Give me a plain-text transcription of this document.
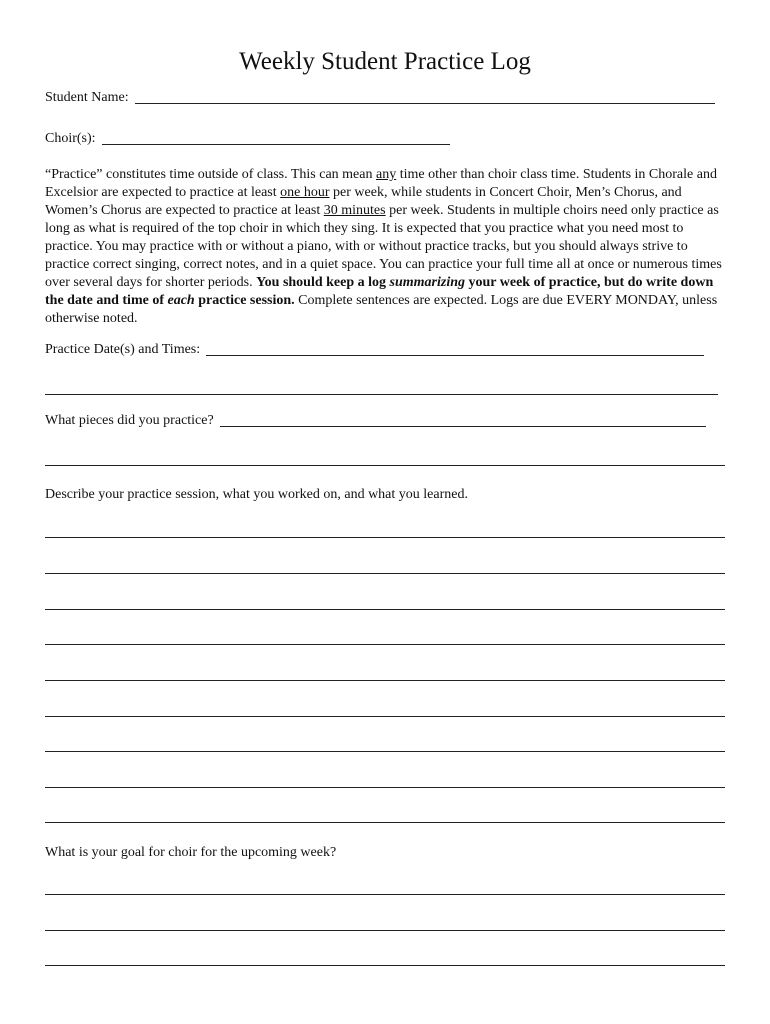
Weekly Student Practice Log
Student Name:
Choir(s):
“Practice” constitutes time outside of class. This can mean any time other than choir class time. Students in Chorale and Excelsior are expected to practice at least one hour per week, while students in Concert Choir, Men’s Chorus, and Women’s Chorus are expected to practice at least 30 minutes per week. Students in multiple choirs need only practice as long as what is required of the top choir in which they sing. It is expected that you practice what you need most to practice. You may practice with or without a piano, with or without practice tracks, but you should always strive to practice correct singing, correct notes, and in a quiet space. You can practice your full time all at once or numerous times over several days for shorter periods. You should keep a log summarizing your week of practice, but do write down the date and time of each practice session. Complete sentences are expected. Logs are due EVERY MONDAY, unless otherwise noted.
Practice Date(s) and Times:
What pieces did you practice?
Describe your practice session, what you worked on, and what you learned.
What is your goal for choir for the upcoming week?
